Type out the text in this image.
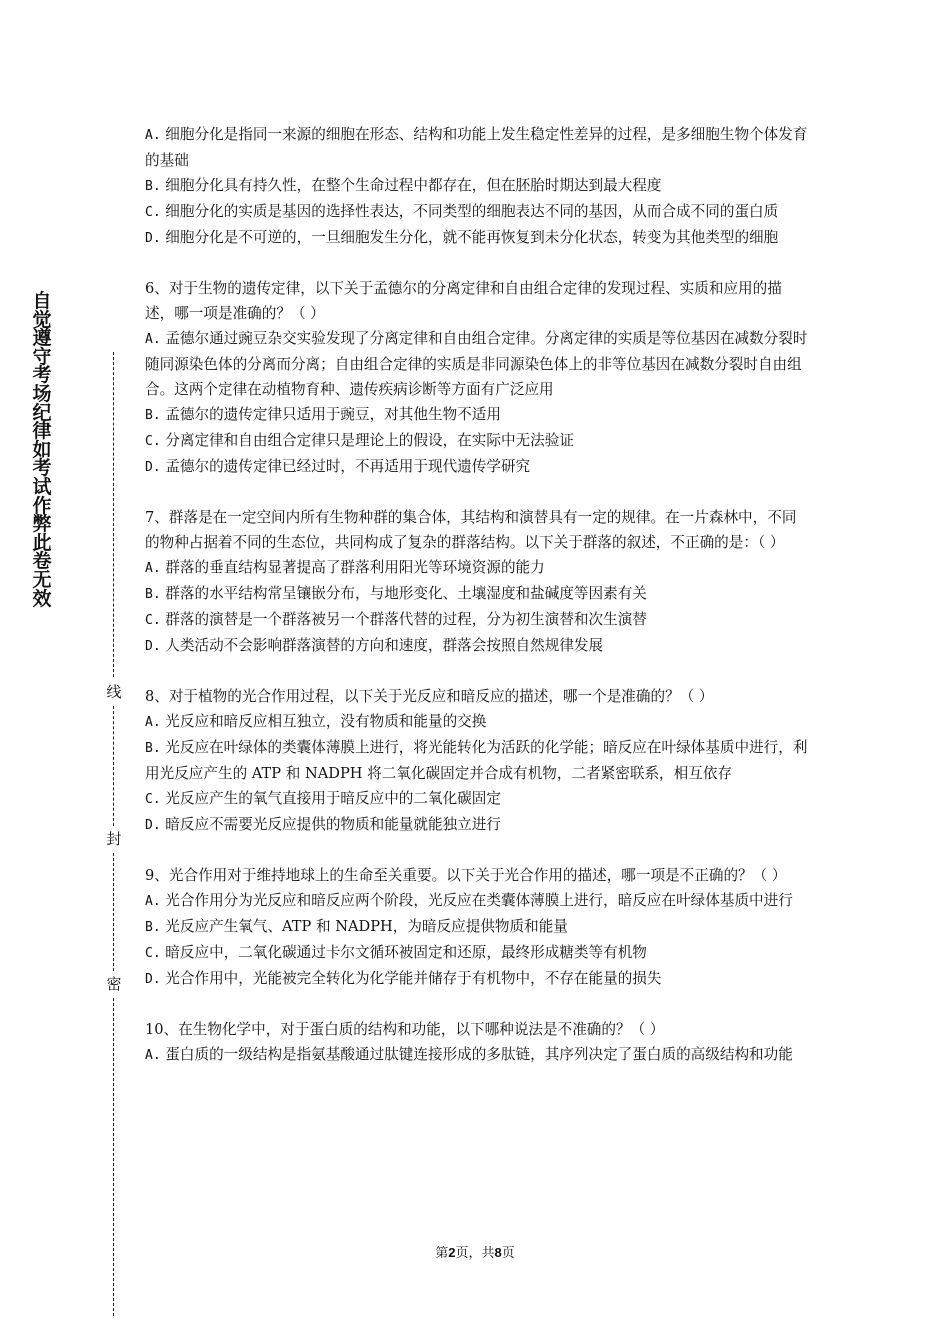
自觉遵守考场纪律如考试作弊此卷无效
线
封
密

A. 细胞分化是指同一来源的细胞在形态、结构和功能上发生稳定性差异的过程，是多细胞生物个体发育的基础

B. 细胞分化具有持久性，在整个生命过程中都存在，但在胚胎时期达到最大程度

C. 细胞分化的实质是基因的选择性表达，不同类型的细胞表达不同的基因，从而合成不同的蛋白质

D. 细胞分化是不可逆的，一旦细胞发生分化，就不能再恢复到未分化状态，转变为其他类型的细胞

6、对于生物的遗传定律，以下关于孟德尔的分离定律和自由组合定律的发现过程、实质和应用的描述，哪一项是准确的？（ ）

A. 孟德尔通过豌豆杂交实验发现了分离定律和自由组合定律。分离定律的实质是等位基因在减数分裂时随同源染色体的分离而分离；自由组合定律的实质是非同源染色体上的非等位基因在减数分裂时自由组合。这两个定律在动植物育种、遗传疾病诊断等方面有广泛应用

B. 孟德尔的遗传定律只适用于豌豆，对其他生物不适用

C. 分离定律和自由组合定律只是理论上的假设，在实际中无法验证

D. 孟德尔的遗传定律已经过时，不再适用于现代遗传学研究

7、群落是在一定空间内所有生物种群的集合体，其结构和演替具有一定的规律。在一片森林中，不同的物种占据着不同的生态位，共同构成了复杂的群落结构。以下关于群落的叙述，不正确的是：（ ）

A. 群落的垂直结构显著提高了群落利用阳光等环境资源的能力

B. 群落的水平结构常呈镶嵌分布，与地形变化、土壤湿度和盐碱度等因素有关

C. 群落的演替是一个群落被另一个群落代替的过程，分为初生演替和次生演替

D. 人类活动不会影响群落演替的方向和速度，群落会按照自然规律发展

8、对于植物的光合作用过程，以下关于光反应和暗反应的描述，哪一个是准确的？（ ）

A. 光反应和暗反应相互独立，没有物质和能量的交换

B. 光反应在叶绿体的类囊体薄膜上进行，将光能转化为活跃的化学能；暗反应在叶绿体基质中进行，利用光反应产生的 ATP 和 NADPH 将二氧化碳固定并合成有机物，二者紧密联系，相互依存

C. 光反应产生的氧气直接用于暗反应中的二氧化碳固定

D. 暗反应不需要光反应提供的物质和能量就能独立进行

9、光合作用对于维持地球上的生命至关重要。以下关于光合作用的描述，哪一项是不正确的？（ ）

A. 光合作用分为光反应和暗反应两个阶段，光反应在类囊体薄膜上进行，暗反应在叶绿体基质中进行

B. 光反应产生氧气、ATP 和 NADPH，为暗反应提供物质和能量

C. 暗反应中，二氧化碳通过卡尔文循环被固定和还原，最终形成糖类等有机物

D. 光合作用中，光能被完全转化为化学能并储存于有机物中，不存在能量的损失

10、在生物化学中，对于蛋白质的结构和功能，以下哪种说法是不准确的？（ ）

A. 蛋白质的一级结构是指氨基酸通过肽键连接形成的多肽链，其序列决定了蛋白质的高级结构和功能

第2页，共8页
